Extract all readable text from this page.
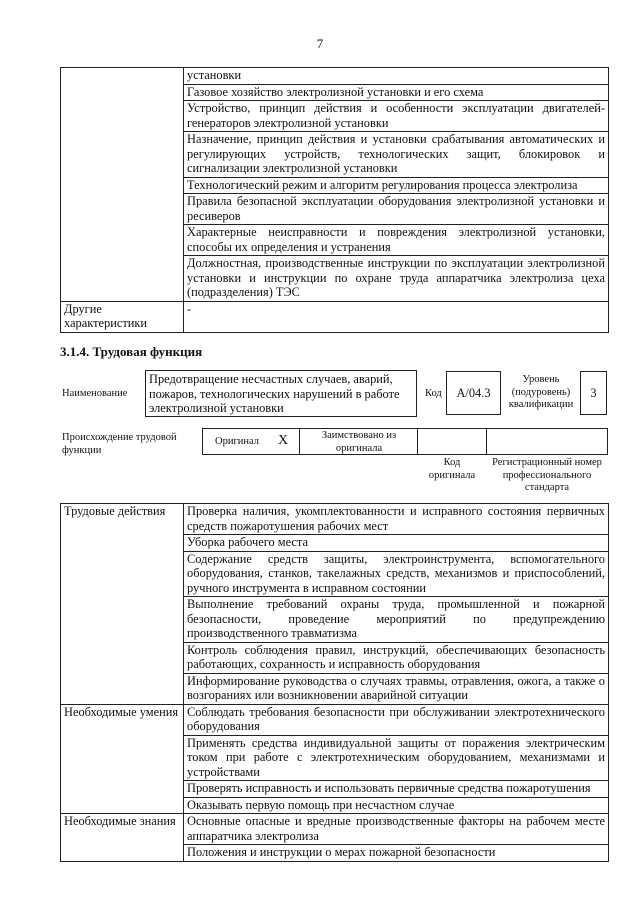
7
	установки
	Газовое хозяйство электролизной установки и его схема
	Устройство, принцип действия и особенности эксплуатации двигателей-генераторов электролизной установки
	Назначение, принцип действия и установки срабатывания автоматических и регулирующих устройств, технологических защит, блокировок и сигнализации электролизной установки
	Технологический режим и алгоритм регулирования процесса электролиза
	Правила безопасной эксплуатации оборудования электролизной установки и ресиверов
	Характерные неисправности и повреждения электролизной установки, способы их определения и устранения
	Должностная, производственные инструкции по эксплуатации электролизной установки и инструкции по охране труда аппаратчика электролиза цеха (подразделения) ТЭС
Другие характеристики	-
3.1.4. Трудовая функция
Наименование
Предотвращение несчастных случаев, аварий, пожаров, технологических нарушений в работе электролизной установки
Код	A/04.3
Уровень (подуровень) квалификации
3
Происхождение трудовой функции
Оригинал X	Заимствовано из оригинала
Код оригинала
Регистрационный номер профессионального стандарта
Трудовые действия	Проверка наличия, укомплектованности и исправного состояния первичных средств пожаротушения рабочих мест
	Уборка рабочего места
	Содержание средств защиты, электроинструмента, вспомогательного оборудования, станков, такелажных средств, механизмов и приспособлений, ручного инструмента в исправном состоянии
	Выполнение требований охраны труда, промышленной и пожарной безопасности, проведение мероприятий по предупреждению производственного травматизма
	Контроль соблюдения правил, инструкций, обеспечивающих безопасность работающих, сохранность и исправность оборудования
	Информирование руководства о случаях травмы, отравления, ожога, а также о возгораниях или возникновении аварийной ситуации
Необходимые умения	Соблюдать требования безопасности при обслуживании электротехнического оборудования
	Применять средства индивидуальной защиты от поражения электрическим током при работе с электротехническим оборудованием, механизмами и устройствами
	Проверять исправность и использовать первичные средства пожаротушения
	Оказывать первую помощь при несчастном случае
Необходимые знания	Основные опасные и вредные производственные факторы на рабочем месте аппаратчика электролиза
	Положения и инструкции о мерах пожарной безопасности
